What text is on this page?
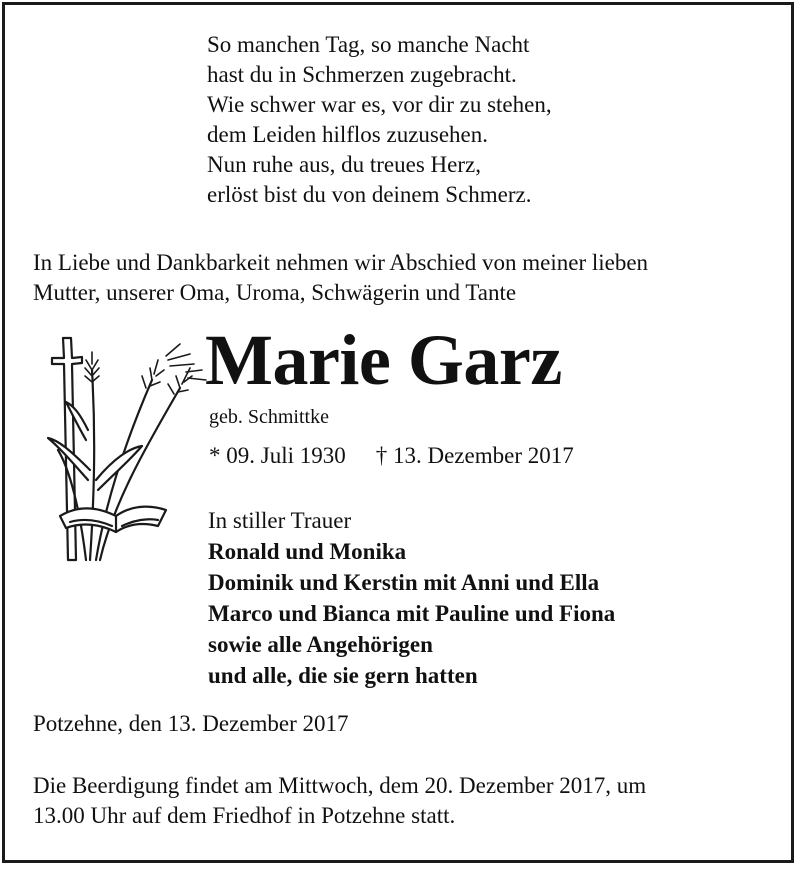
So manchen Tag, so manche Nacht
hast du in Schmerzen zugebracht.
Wie schwer war es, vor dir zu stehen,
dem Leiden hilflos zuzusehen.
Nun ruhe aus, du treues Herz,
erlöst bist du von deinem Schmerz.
In Liebe und Dankbarkeit nehmen wir Abschied von meiner lieben
Mutter, unserer Oma, Uroma, Schwägerin und Tante
Marie Garz
geb. Schmittke
* 09. Juli 1930 † 13. Dezember 2017
In stiller Trauer
Ronald und Monika
Dominik und Kerstin mit Anni und Ella
Marco und Bianca mit Pauline und Fiona
sowie alle Angehörigen
und alle, die sie gern hatten
Potzehne, den 13. Dezember 2017
Die Beerdigung findet am Mittwoch, dem 20. Dezember 2017, um
13.00 Uhr auf dem Friedhof in Potzehne statt.
